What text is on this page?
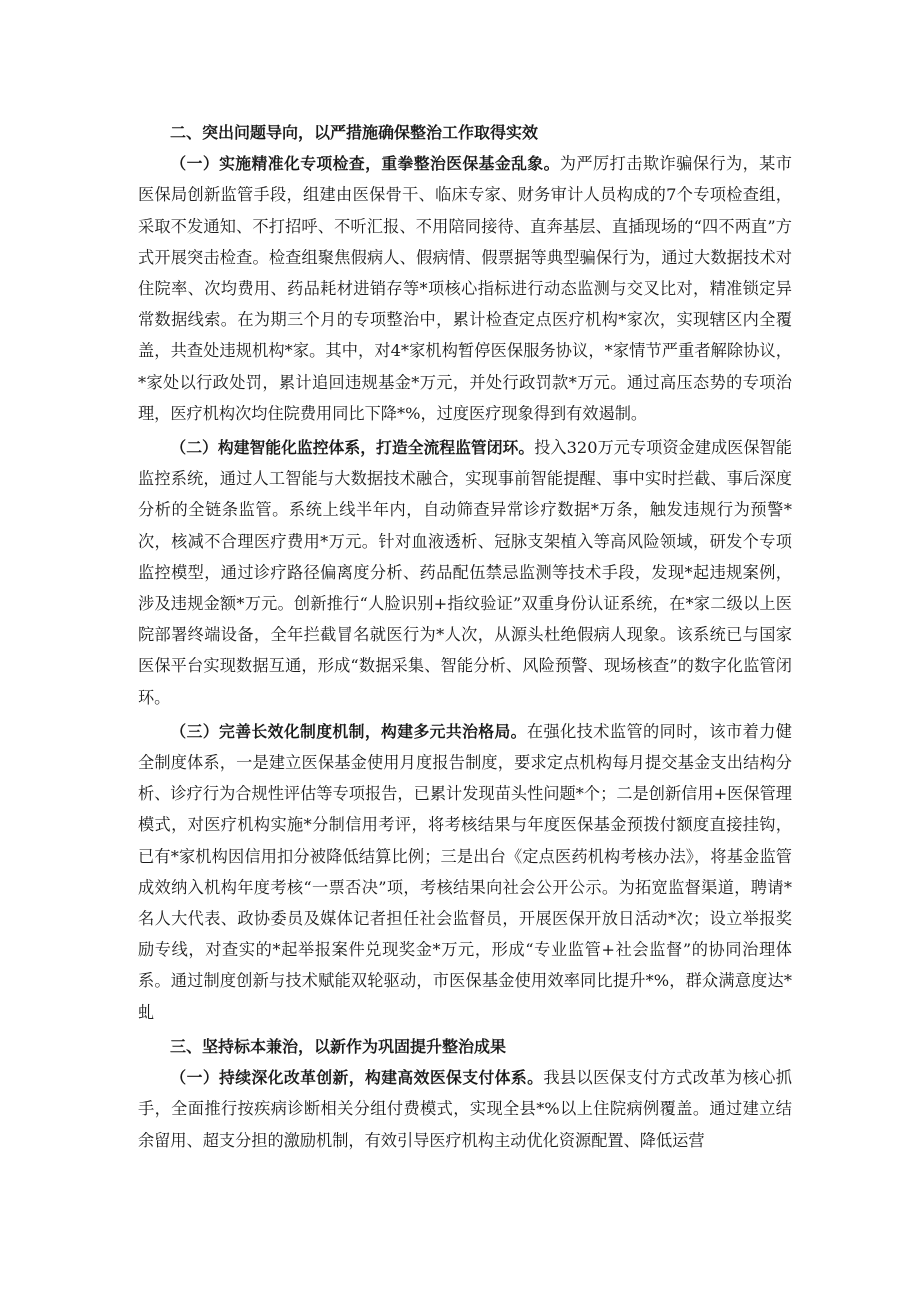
二、突出问题导向，以严措施确保整治工作取得实效

（一）实施精准化专项检查，重拳整治医保基金乱象。为严厉打击欺诈骗保行为，某市医保局创新监管手段，组建由医保骨干、临床专家、财务审计人员构成的7个专项检查组，采取不发通知、不打招呼、不听汇报、不用陪同接待、直奔基层、直插现场的“四不两直”方式开展突击检查。检查组聚焦假病人、假病情、假票据等典型骗保行为，通过大数据技术对住院率、次均费用、药品耗材进销存等*项核心指标进行动态监测与交叉比对，精准锁定异常数据线索。在为期三个月的专项整治中，累计检查定点医疗机构*家次，实现辖区内全覆盖，共查处违规机构*家。其中，对4*家机构暂停医保服务协议，*家情节严重者解除协议，*家处以行政处罚，累计追回违规基金*万元，并处行政罚款*万元。通过高压态势的专项治理，医疗机构次均住院费用同比下降*%，过度医疗现象得到有效遏制。

（二）构建智能化监控体系，打造全流程监管闭环。投入320万元专项资金建成医保智能监控系统，通过人工智能与大数据技术融合，实现事前智能提醒、事中实时拦截、事后深度分析的全链条监管。系统上线半年内，自动筛查异常诊疗数据*万条，触发违规行为预警*次，核减不合理医疗费用*万元。针对血液透析、冠脉支架植入等高风险领域，研发个专项监控模型，通过诊疗路径偏离度分析、药品配伍禁忌监测等技术手段，发现*起违规案例，涉及违规金额*万元。创新推行“人脸识别+指纹验证”双重身份认证系统，在*家二级以上医院部署终端设备，全年拦截冒名就医行为*人次，从源头杜绝假病人现象。该系统已与国家医保平台实现数据互通，形成“数据采集、智能分析、风险预警、现场核查”的数字化监管闭环。

（三）完善长效化制度机制，构建多元共治格局。在强化技术监管的同时，该市着力健全制度体系，一是建立医保基金使用月度报告制度，要求定点机构每月提交基金支出结构分析、诊疗行为合规性评估等专项报告，已累计发现苗头性问题*个；二是创新信用+医保管理模式，对医疗机构实施*分制信用考评，将考核结果与年度医保基金预拨付额度直接挂钩，已有*家机构因信用扣分被降低结算比例；三是出台《定点医药机构考核办法》，将基金监管成效纳入机构年度考核“一票否决”项，考核结果向社会公开公示。为拓宽监督渠道，聘请*名人大代表、政协委员及媒体记者担任社会监督员，开展医保开放日活动*次；设立举报奖励专线，对查实的*起举报案件兑现奖金*万元，形成“专业监管+社会监督”的协同治理体系。通过制度创新与技术赋能双轮驱动，市医保基金使用效率同比提升*%，群众满意度达*虬

三、坚持标本兼治，以新作为巩固提升整治成果

（一）持续深化改革创新，构建高效医保支付体系。我县以医保支付方式改革为核心抓手，全面推行按疾病诊断相关分组付费模式，实现全县*%以上住院病例覆盖。通过建立结余留用、超支分担的激励机制，有效引导医疗机构主动优化资源配置、降低运营
